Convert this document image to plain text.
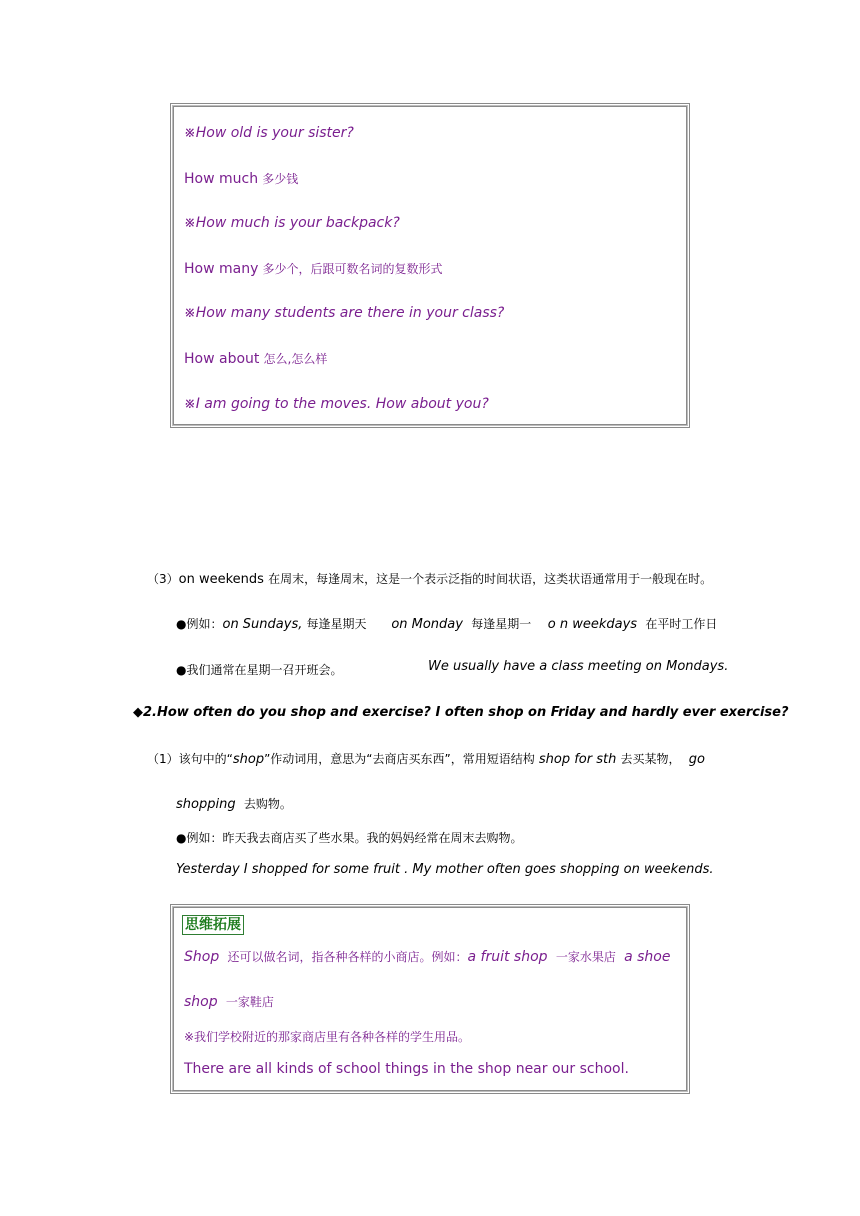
※How old is your sister?
How much 多少钱
※How much is your backpack?
How many 多少个，后跟可数名词的复数形式
※How many students are there in your class?
How about 怎么,怎么样
※I am going to the moves. How about you?
（3）on weekends 在周末，每逢周末，这是一个表示泛指的时间状语，这类状语通常用于一般现在时。
●例如：on Sundays, 每逢星期天 on Monday 每逢星期一 o n weekdays 在平时工作日
●我们通常在星期一召开班会。	We usually have a class meeting on Mondays.
◆2.How often do you shop and exercise? I often shop on Friday and hardly ever exercise?
（1）该句中的“shop”作动词用，意思为“去商店买东西”，常用短语结构 shop for sth 去买某物， go
shopping 去购物。
●例如：昨天我去商店买了些水果。我的妈妈经常在周末去购物。
Yesterday I shopped for some fruit . My mother often goes shopping on weekends.
思维拓展
Shop 还可以做名词，指各种各样的小商店。例如：a fruit shop 一家水果店 a shoe
shop 一家鞋店
※我们学校附近的那家商店里有各种各样的学生用品。
There are all kinds of school things in the shop near our school.
